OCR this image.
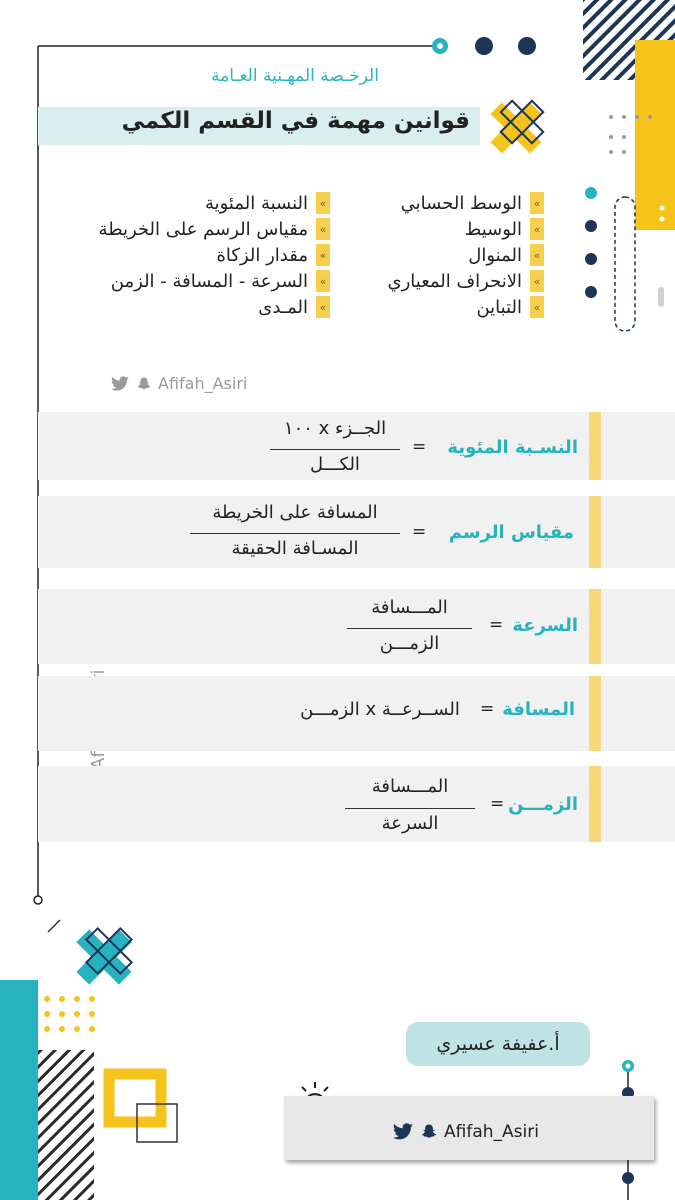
الرخـصة المهـنية العـامة
قوانين مهمة في القسم الكمي
»
الوسط الحسابي
»
الوسيط
»
المنوال
»
الانحراف المعياري
»
التباين
»
النسبة المئوية
»
مقياس الرسم على الخريطة
»
مقدار الزكاة
»
السرعة - المسافة - الزمن
»
المـدى
Afifah_Asiri
النسـبة المئوية
=
الجــزء x ١٠٠
الكـــل
مقياس الرسم
=
المسافة على الخريطة
المسـافة الحقيقة
السرعة
=
المـــسافة
الزمـــن
المسافة
=
الســرعــة x الزمـــن
الزمـــن
=
المـــسافة
السرعة
أ.عفيفة عسيري
Afifah_Asiri
